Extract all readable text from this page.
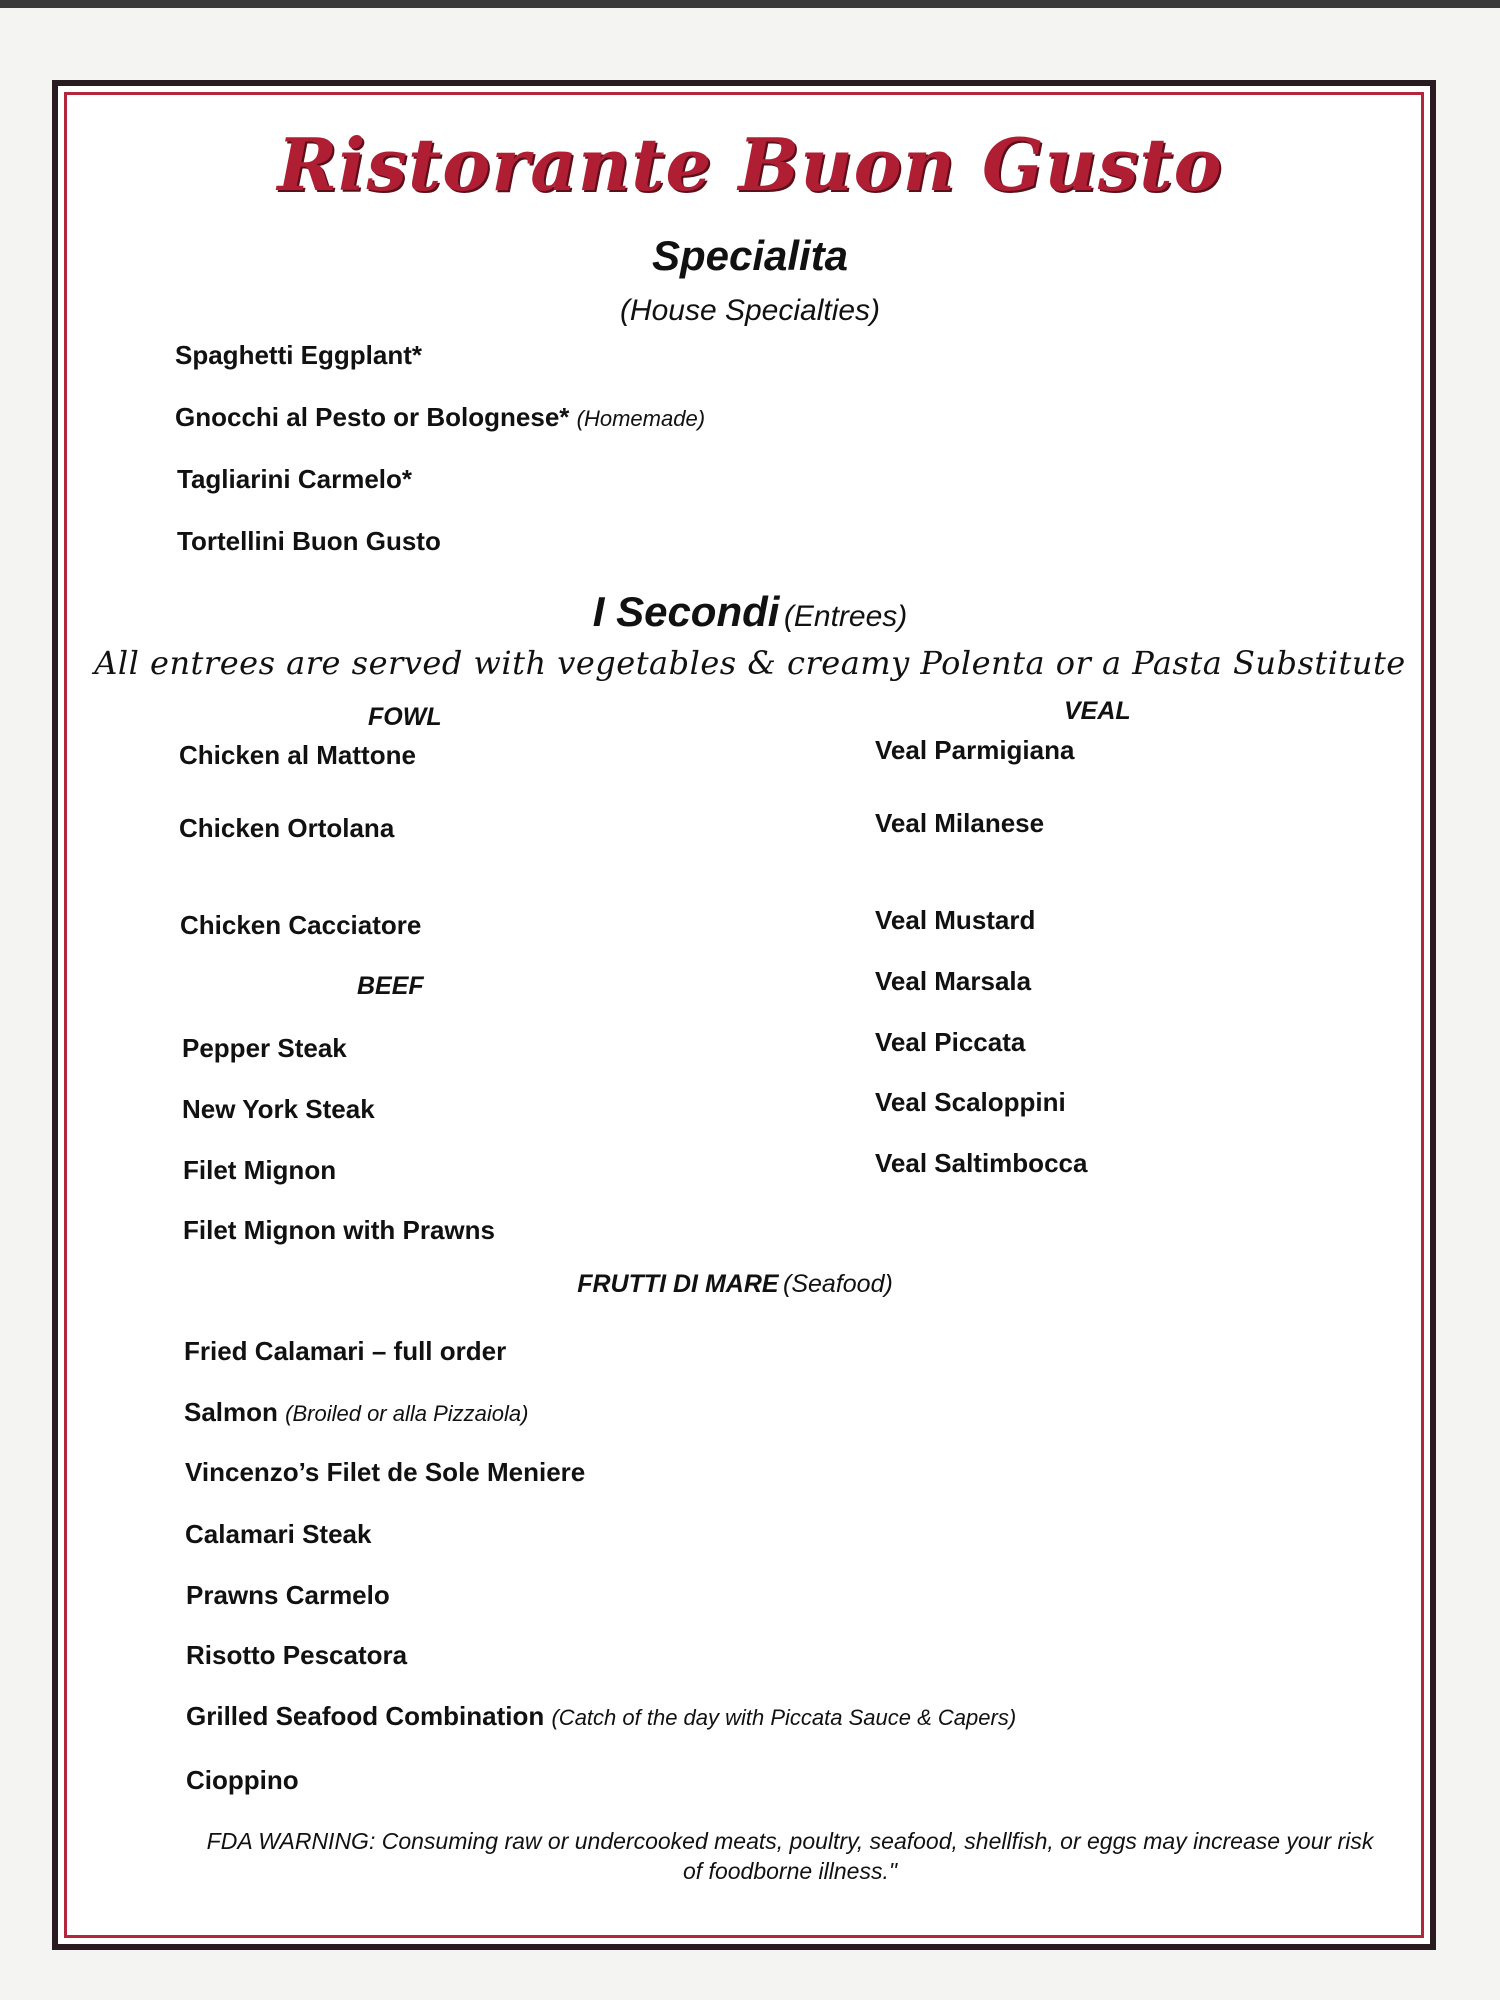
Ristorante Buon Gusto
Specialita
(House Specialties)
Spaghetti Eggplant*
Gnocchi al Pesto or Bolognese* (Homemade)
Tagliarini Carmelo*
Tortellini Buon Gusto
I Secondi (Entrees)
All entrees are served with vegetables & creamy Polenta or a Pasta Substitute
FOWL
Chicken al Mattone
Chicken Ortolana
Chicken Cacciatore
BEEF
Pepper Steak
New York Steak
Filet Mignon
Filet Mignon with Prawns
VEAL
Veal Parmigiana
Veal Milanese
Veal Mustard
Veal Marsala
Veal Piccata
Veal Scaloppini
Veal Saltimbocca
FRUTTI DI MARE (Seafood)
Fried Calamari – full order
Salmon (Broiled or alla Pizzaiola)
Vincenzo’s Filet de Sole Meniere
Calamari Steak
Prawns Carmelo
Risotto Pescatora
Grilled Seafood Combination (Catch of the day with Piccata Sauce & Capers)
Cioppino
FDA WARNING: Consuming raw or undercooked meats, poultry, seafood, shellfish, or eggs may increase your risk
of foodborne illness."
